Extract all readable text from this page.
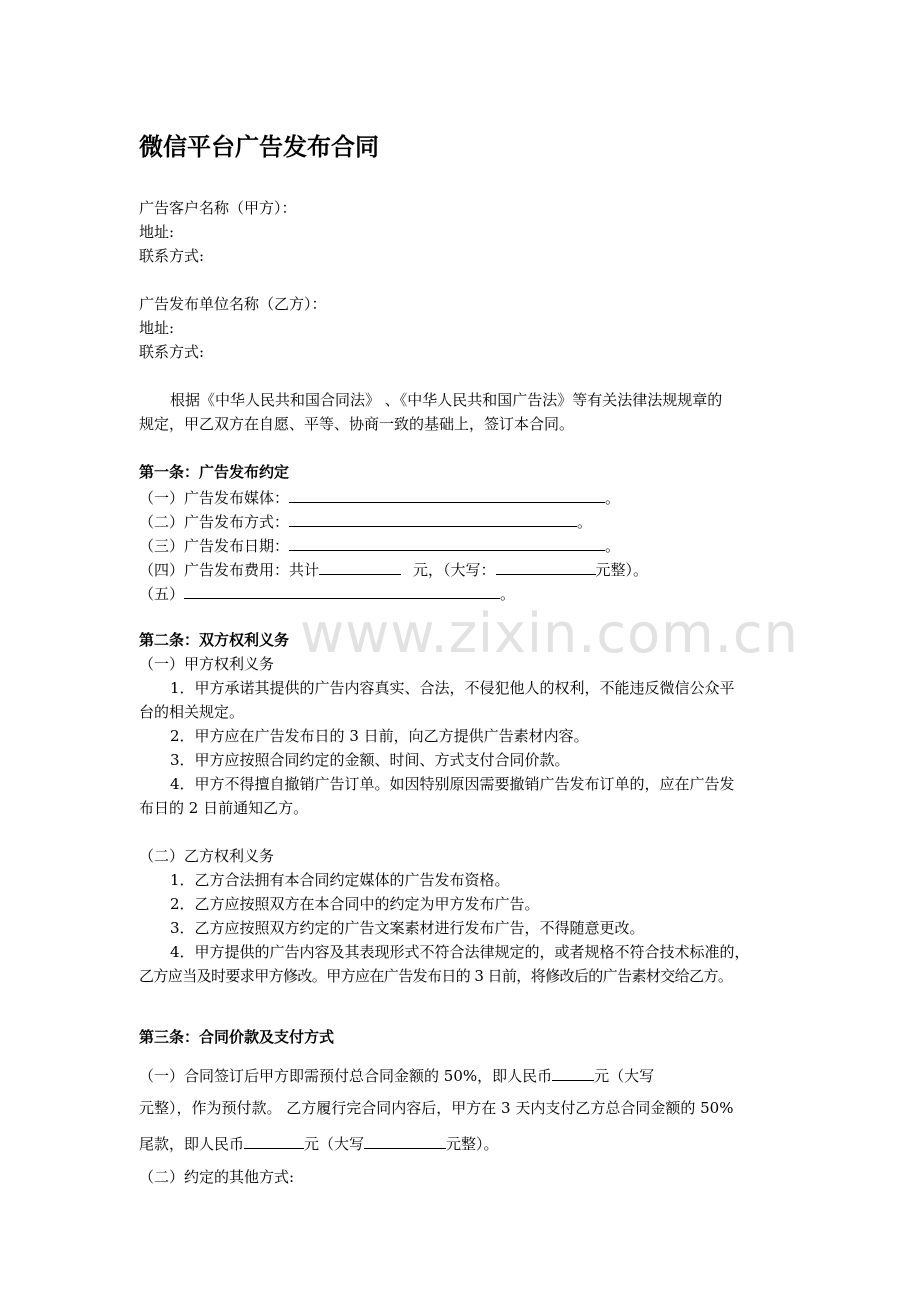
微信平台广告发布合同
广告客户名称（甲方）：
地址:
联系方式:
广告发布单位名称（乙方）：
地址:
联系方式:
根据《中华人民共和国合同法》 、《中华人民共和国广告法》等有关法律法规规章的
规定，甲乙双方在自愿、平等、协商一致的基础上，签订本合同。
第一条：广告发布约定
（一）广告发布媒体：	。
（二）广告发布方式：	。
（三）广告发布日期：	。
（四）广告发布费用：共计	元，（大写：	元整）。
（五）	。
第二条：双方权利义务
（一）甲方权利义务
1．甲方承诺其提供的广告内容真实、合法，不侵犯他人的权利，不能违反微信公众平
台的相关规定。
2．甲方应在广告发布日的 3 日前，向乙方提供广告素材内容。
3．甲方应按照合同约定的金额、时间、方式支付合同价款。
4．甲方不得擅自撤销广告订单。如因特别原因需要撤销广告发布订单的，应在广告发
布日的 2 日前通知乙方。
（二）乙方权利义务
1．乙方合法拥有本合同约定媒体的广告发布资格。
2．乙方应按照双方在本合同中的约定为甲方发布广告。
3．乙方应按照双方约定的广告文案素材进行发布广告，不得随意更改。
4．甲方提供的广告内容及其表现形式不符合法律规定的，或者规格不符合技术标准的，
乙方应当及时要求甲方修改。甲方应在广告发布日的 3 日前，将修改后的广告素材交给乙方。
第三条：合同价款及支付方式
（一）合同签订后甲方即需预付总合同金额的 50%，即人民币	元（大写
元整），作为预付款。 乙方履行完合同内容后，甲方在 3 天内支付乙方总合同金额的 50%
尾款，即人民币	元（大写	元整）。
（二）约定的其他方式:
www.zixin.com.cn
